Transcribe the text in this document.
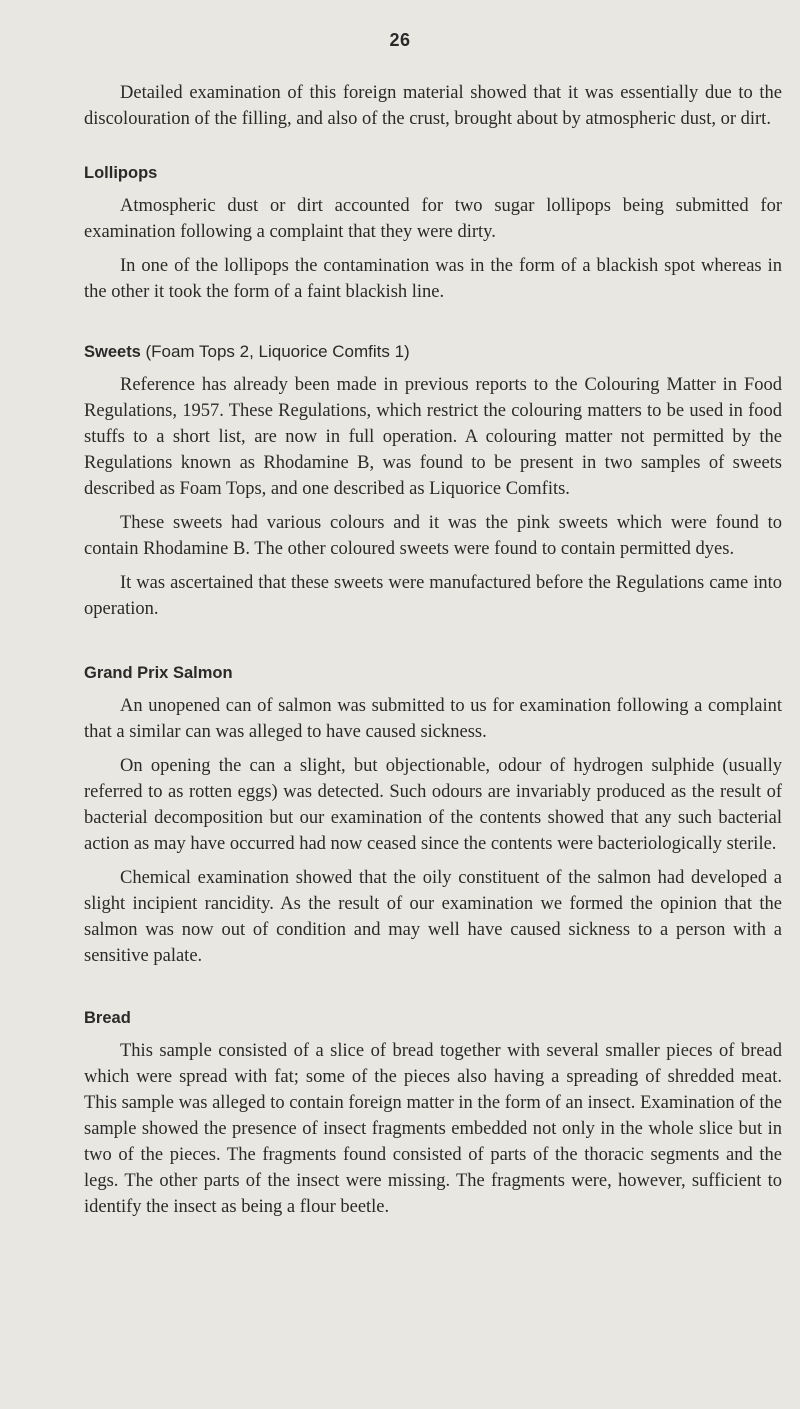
26

Detailed examination of this foreign material showed that it was essentially due to the discolouration of the filling, and also of the crust, brought about by atmospheric dust, or dirt.

Lollipops

Atmospheric dust or dirt accounted for two sugar lollipops being submitted for examination following a complaint that they were dirty.

In one of the lollipops the contamination was in the form of a blackish spot whereas in the other it took the form of a faint blackish line.

Sweets (Foam Tops 2, Liquorice Comfits 1)

Reference has already been made in previous reports to the Colouring Matter in Food Regulations, 1957. These Regulations, which restrict the colouring matters to be used in food stuffs to a short list, are now in full operation. A colouring matter not permitted by the Regulations known as Rhodamine B, was found to be present in two samples of sweets described as Foam Tops, and one described as Liquorice Comfits.

These sweets had various colours and it was the pink sweets which were found to contain Rhodamine B. The other coloured sweets were found to contain permitted dyes.

It was ascertained that these sweets were manufactured before the Regulations came into operation.

Grand Prix Salmon

An unopened can of salmon was submitted to us for examination following a complaint that a similar can was alleged to have caused sickness.

On opening the can a slight, but objectionable, odour of hydrogen sulphide (usually referred to as rotten eggs) was detected. Such odours are invariably produced as the result of bacterial decomposition but our examination of the contents showed that any such bacterial action as may have occurred had now ceased since the contents were bacteriologically sterile.

Chemical examination showed that the oily constituent of the salmon had developed a slight incipient rancidity. As the result of our examination we formed the opinion that the salmon was now out of condition and may well have caused sickness to a person with a sensitive palate.

Bread

This sample consisted of a slice of bread together with several smaller pieces of bread which were spread with fat; some of the pieces also having a spreading of shredded meat. This sample was alleged to contain foreign matter in the form of an insect. Examination of the sample showed the presence of insect fragments embedded not only in the whole slice but in two of the pieces. The fragments found consisted of parts of the thoracic segments and the legs. The other parts of the insect were missing. The fragments were, however, sufficient to identify the insect as being a flour beetle.
